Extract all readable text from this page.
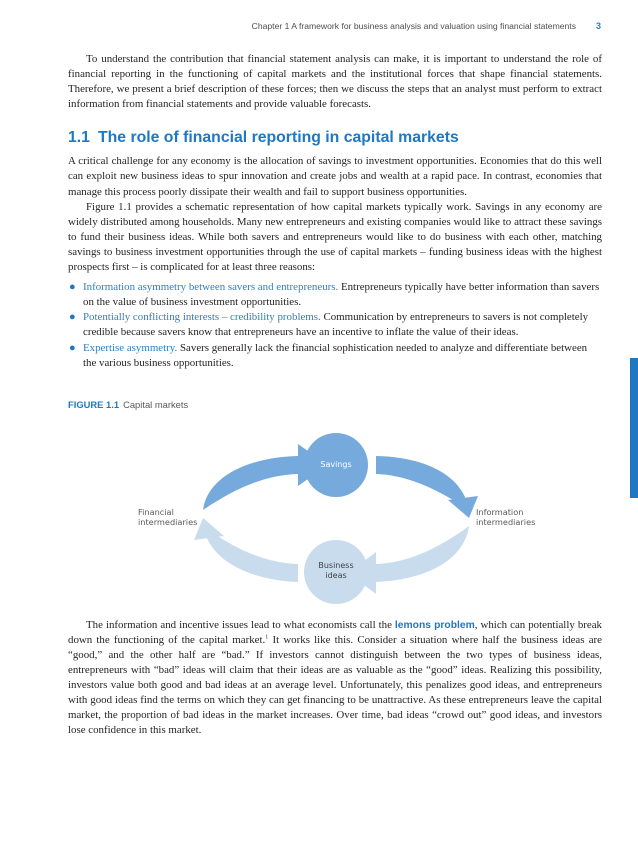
Chapter 1 A framework for business analysis and valuation using financial statements 3

To understand the contribution that financial statement analysis can make, it is important to understand the role of financial reporting in the functioning of capital markets and the institutional forces that shape financial statements. Therefore, we present a brief description of these forces; then we discuss the steps that an analyst must perform to extract information from financial statements and provide valuable forecasts.

1.1 The role of financial reporting in capital markets

A critical challenge for any economy is the allocation of savings to investment opportunities. Economies that do this well can exploit new business ideas to spur innovation and create jobs and wealth at a rapid pace. In contrast, economies that manage this process poorly dissipate their wealth and fail to support business opportunities.

Figure 1.1 provides a schematic representation of how capital markets typically work. Savings in any economy are widely distributed among households. Many new entrepreneurs and existing companies would like to attract these savings to fund their business ideas. While both savers and entrepreneurs would like to do business with each other, matching savings to business investment opportunities through the use of capital markets – funding business ideas with the highest prospects first – is complicated for at least three reasons:

● Information asymmetry between savers and entrepreneurs. Entrepreneurs typically have better information than savers on the value of business investment opportunities.
● Potentially conflicting interests – credibility problems. Communication by entrepreneurs to savers is not completely credible because savers know that entrepreneurs have an incentive to inflate the value of their ideas.
● Expertise asymmetry. Savers generally lack the financial sophistication needed to analyze and differentiate between the various business opportunities.
FIGURE 1.1 Capital markets
Savings
Business
ideas
Financial
intermediaries
Information
intermediaries

The information and incentive issues lead to what economists call the lemons problem, which can potentially break down the functioning of the capital market.$^1$ It works like this. Consider a situation where half the business ideas are “good,” and the other half are “bad.” If investors cannot distinguish between the two types of business ideas, entrepreneurs with “bad” ideas will claim that their ideas are as valuable as the “good” ideas. Realizing this possibility, investors value both good and bad ideas at an average level. Unfortunately, this penalizes good ideas, and entrepreneurs with good ideas find the terms on which they can get financing to be unattractive. As these entrepreneurs leave the capital market, the proportion of bad ideas in the market increases. Over time, bad ideas “crowd out” good ideas, and investors lose confidence in this market.
